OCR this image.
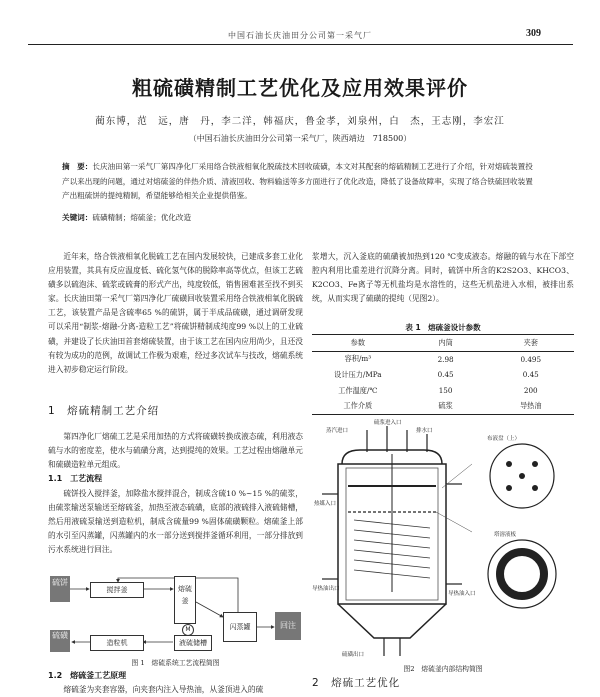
中国石油长庆油田分公司第一采气厂	309
粗硫磺精制工艺优化及应用效果评价
蔺东博，范　远，唐　丹，李二洋，韩福庆，鲁金孝，刘泉州，白　杰，王志刚，李宏江
（中国石油长庆油田分公司第一采气厂，陕西靖边　718500）
摘　要：长庆油田第一采气厂第四净化厂采用络合铁液相氧化脱硫技术回收硫磺，本文对其配套的熔硫精制工艺进行了介绍，针对熔硫装置投产以来出现的问题，通过对熔硫釜的伴热介质、清液回收、物料输送等多方面进行了优化改造，降低了设备故障率，实现了络合铁硫回收装置产出粗硫饼的提纯精制，希望能够给相关企业提供借鉴。
关键词：硫磺精制；熔硫釜；优化改造
近年来，络合铁液相氧化脱硫工艺在国内发展较快，已建成多套工业化应用装置，其具有反应温度低、硫化氢气体的脱除率高等优点，但该工艺硫磺多以硫泡沫、硫浆或硫膏的形式产出，纯度较低，销售困难甚至找不到买家。长庆油田第一采气厂第四净化厂硫磺回收装置采用络合铁液相氧化脱硫工艺，该装置产品是含硫率65 %的硫饼，属于半成品硫磺，通过调研发现可以采用“制浆-熔融-分离-造粒工艺”将硫饼精制成纯度99 %以上的工业硫磺，并建设了长庆油田首套熔硫装置，由于该工艺在国内应用尚少，且还没有较为成功的范例，故调试工作极为艰难，经过多次试车与技改，熔硫系统进入初步稳定运行阶段。
1　熔硫精制工艺介绍
第四净化厂熔硫工艺是采用加热的方式将硫磺转换成液态硫，利用液态硫与水的密度差，使水与硫磺分离，达到提纯的效果。工艺过程由熔融单元和硫磺造粒单元组成。
1.1　工艺流程
硫饼投入搅拌釜，加除盐水搅拌混合，制成含硫10 %~15 %的硫浆，由硫浆输送泵输送至熔硫釜，加热至液态硫磺，底部的液硫排入液硫储槽，然后用液硫泵输送到造粒机，制成含硫量99 %固体硫磺颗粒。熔硫釜上部的水引至闪蒸罐，闪蒸罐内的水一部分送到搅拌釜循环利用，一部分排放到污水系统进行回注。
硫饼
硫磺
搅拌釜	熔硫釜
闪蒸罐	回注
造粒机	液硫储槽
M
图 1　熔硫系统工艺流程简图
1.2　熔硫釜工艺原理
熔硫釜为夹套容器，向夹套内注入导热油，从釜顶进入的硫
浆增大，沉入釜底的硫磺被加热到120 ℃变成液态。熔融的硫与水在下部空腔内利用比重差进行沉降分离。同时，硫饼中所含的K2S2O3、KHCO3、K2CO3、Fe离子等无机盐均是水溶性的，这些无机盐进入水相，被排出系统，从而实现了硫磺的提纯（见图2）。
表 1　熔硫釜设计参数
参数	内筒	夹套
容积/m³	2.98	0.495
设计压力/MPa	0.45	0.45
工作温度/℃	150	200
工作介质	硫浆	导热油
硫浆进入口
蒸汽进口	排水口
热媒入口
布液盘（上）
塔溶液板
导热油出口
导热油入口
硫磺出口
图2　熔硫釜内部结构简图
2　熔硫工艺优化
